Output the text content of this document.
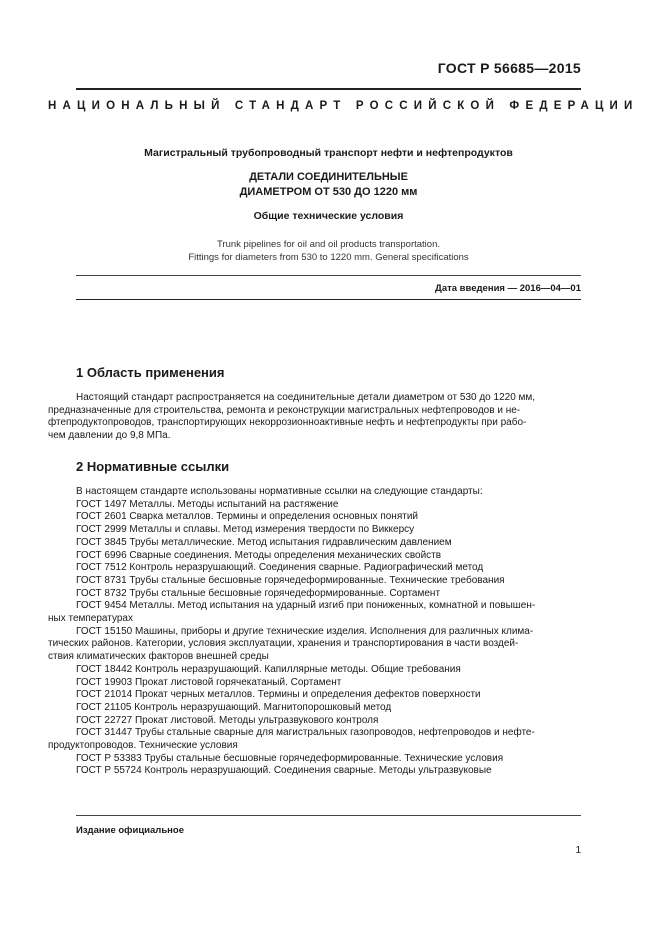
ГОСТ Р 56685—2015
НАЦИОНАЛЬНЫЙ СТАНДАРТ РОССИЙСКОЙ ФЕДЕРАЦИИ
Магистральный трубопроводный транспорт нефти и нефтепродуктов
ДЕТАЛИ СОЕДИНИТЕЛЬНЫЕ
ДИАМЕТРОМ ОТ 530 ДО 1220 мм
Общие технические условия
Trunk pipelines for oil and oil products transportation.
Fittings for diameters from 530 to 1220 mm. General specifications
Дата введения — 2016—04—01
1 Область применения
Настоящий стандарт распространяется на соединительные детали диаметром от 530 до 1220 мм,
предназначенные для строительства, ремонта и реконструкции магистральных нефтепроводов и не-
фтепродуктопроводов, транспортирующих некоррозионноактивные нефть и нефтепродукты при рабо-
чем давлении до 9,8 МПа.
2 Нормативные ссылки
В настоящем стандарте использованы нормативные ссылки на следующие стандарты:
ГОСТ 1497 Металлы. Методы испытаний на растяжение
ГОСТ 2601 Сварка металлов. Термины и определения основных понятий
ГОСТ 2999 Металлы и сплавы. Метод измерения твердости по Виккерсу
ГОСТ 3845 Трубы металлические. Метод испытания гидравлическим давлением
ГОСТ 6996 Сварные соединения. Методы определения механических свойств
ГОСТ 7512 Контроль неразрушающий. Соединения сварные. Радиографический метод
ГОСТ 8731 Трубы стальные бесшовные горячедеформированные. Технические требования
ГОСТ 8732 Трубы стальные бесшовные горячедеформированные. Сортамент
ГОСТ 9454 Металлы. Метод испытания на ударный изгиб при пониженных, комнатной и повышен-
ных температурах
ГОСТ 15150 Машины, приборы и другие технические изделия. Исполнения для различных клима-
тических районов. Категории, условия эксплуатации, хранения и транспортирования в части воздей-
ствия климатических факторов внешней среды
ГОСТ 18442 Контроль неразрушающий. Капиллярные методы. Общие требования
ГОСТ 19903 Прокат листовой горячекатаный. Сортамент
ГОСТ 21014 Прокат черных металлов. Термины и определения дефектов поверхности
ГОСТ 21105 Контроль неразрушающий. Магнитопорошковый метод
ГОСТ 22727 Прокат листовой. Методы ультразвукового контроля
ГОСТ 31447 Трубы стальные сварные для магистральных газопроводов, нефтепроводов и нефте-
продуктопроводов. Технические условия
ГОСТ Р 53383 Трубы стальные бесшовные горячедеформированные. Технические условия
ГОСТ Р 55724 Контроль неразрушающий. Соединения сварные. Методы ультразвуковые
Издание официальное
1
